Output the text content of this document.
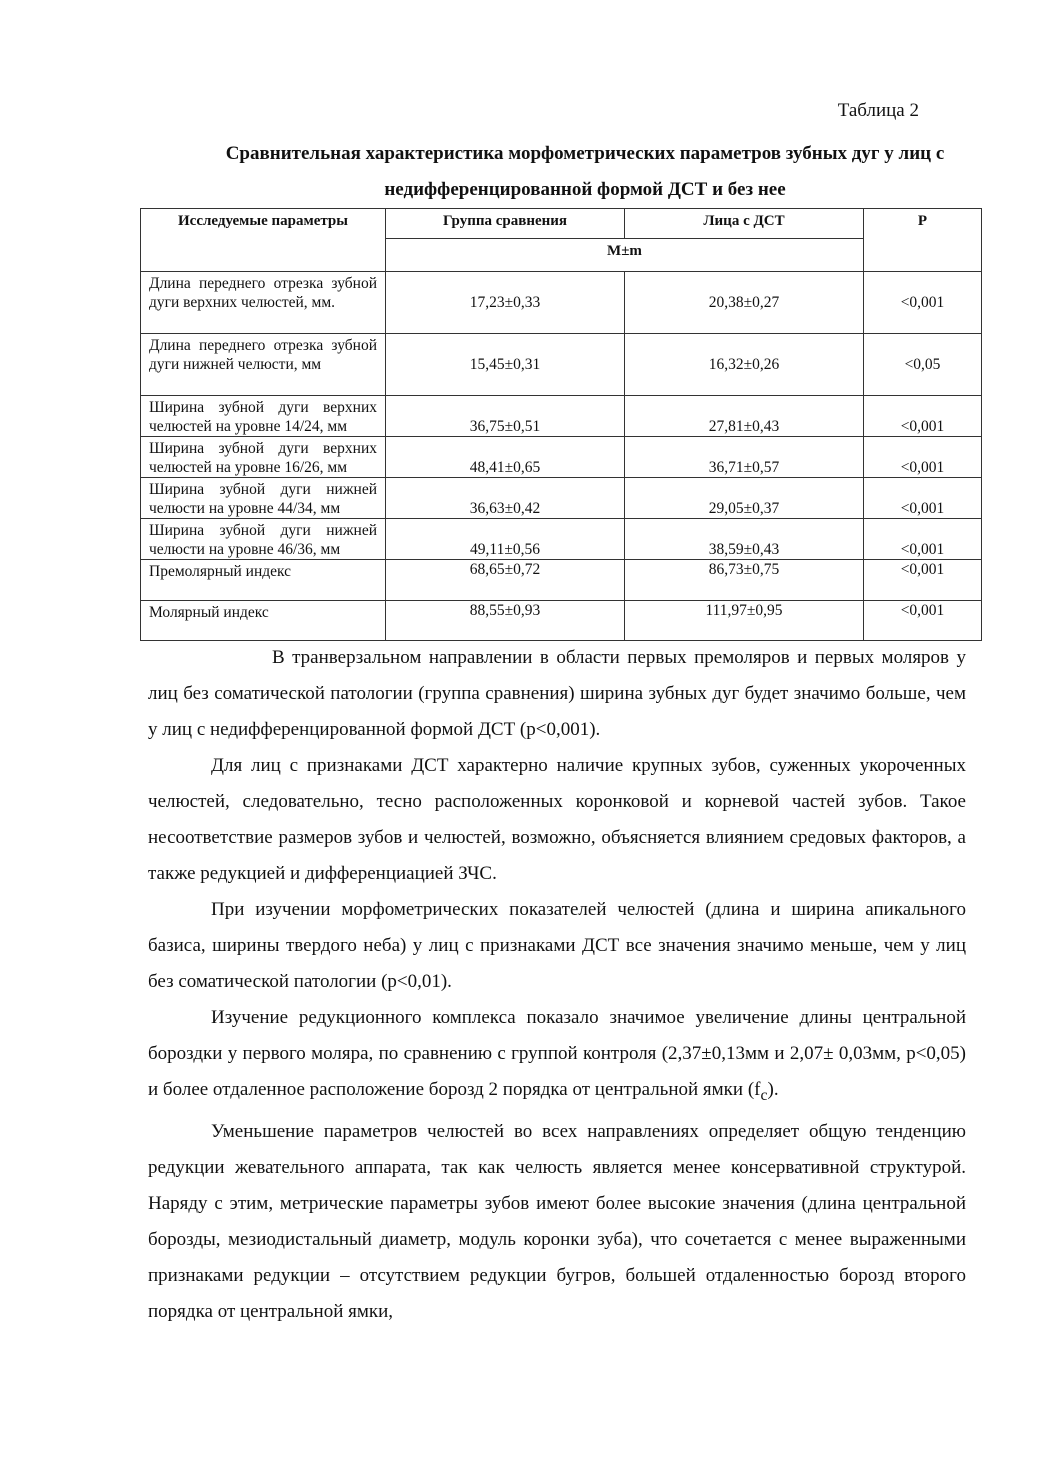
Таблица 2
Сравнительная характеристика морфометрических параметров зубных дуг у лиц с недифференцированной формой ДСТ и без нее
Исследуемые параметры	Группа сравнения	Лица с ДСТ	Р
	M±m		
Длина переднего отрезка зубной дуги верхних челюстей, мм.	17,23±0,33	20,38±0,27	<0,001
Длина переднего отрезка зубной дуги нижней челюсти, мм	15,45±0,31	16,32±0,26	<0,05
Ширина зубной дуги верхних челюстей на уровне 14/24, мм	36,75±0,51	27,81±0,43	<0,001
Ширина зубной дуги верхних челюстей на уровне 16/26, мм	48,41±0,65	36,71±0,57	<0,001
Ширина зубной дуги нижней челюсти на уровне 44/34, мм	36,63±0,42	29,05±0,37	<0,001
Ширина зубной дуги нижней челюсти на уровне 46/36, мм	49,11±0,56	38,59±0,43	<0,001
Премолярный индекс	68,65±0,72	86,73±0,75	<0,001
Молярный индекс	88,55±0,93	111,97±0,95	<0,001

В транверзальном направлении в области первых премоляров и первых моляров у лиц без соматической патологии (группа сравнения) ширина зубных дуг будет значимо больше, чем у лиц с недифференцированной формой ДСТ (р<0,001).

Для лиц с признаками ДСТ характерно наличие крупных зубов, суженных укороченных челюстей, следовательно, тесно расположенных коронковой и корневой частей зубов. Такое несоответствие размеров зубов и челюстей, возможно, объясняется влиянием средовых факторов, а также редукцией и дифференциацией ЗЧС.

При изучении морфометрических показателей челюстей (длина и ширина апикального базиса, ширины твердого неба) у лиц с признаками ДСТ все значения значимо меньше, чем у лиц без соматической патологии (р<0,01).

Изучение редукционного комплекса показало значимое увеличение длины центральной бороздки у первого моляра, по сравнению с группой контроля (2,37±0,13мм и 2,07± 0,03мм, р<0,05) и более отдаленное расположение борозд 2 порядка от центральной ямки $(f_c)$.

Уменьшение параметров челюстей во всех направлениях определяет общую тенденцию редукции жевательного аппарата, так как челюсть является менее консервативной структурой. Наряду с этим, метрические параметры зубов имеют более высокие значения (длина центральной борозды, мезиодистальный диаметр, модуль коронки зуба), что сочетается с менее выраженными признаками редукции – отсутствием редукции бугров, большей отдаленностью борозд второго порядка от центральной ямки,
